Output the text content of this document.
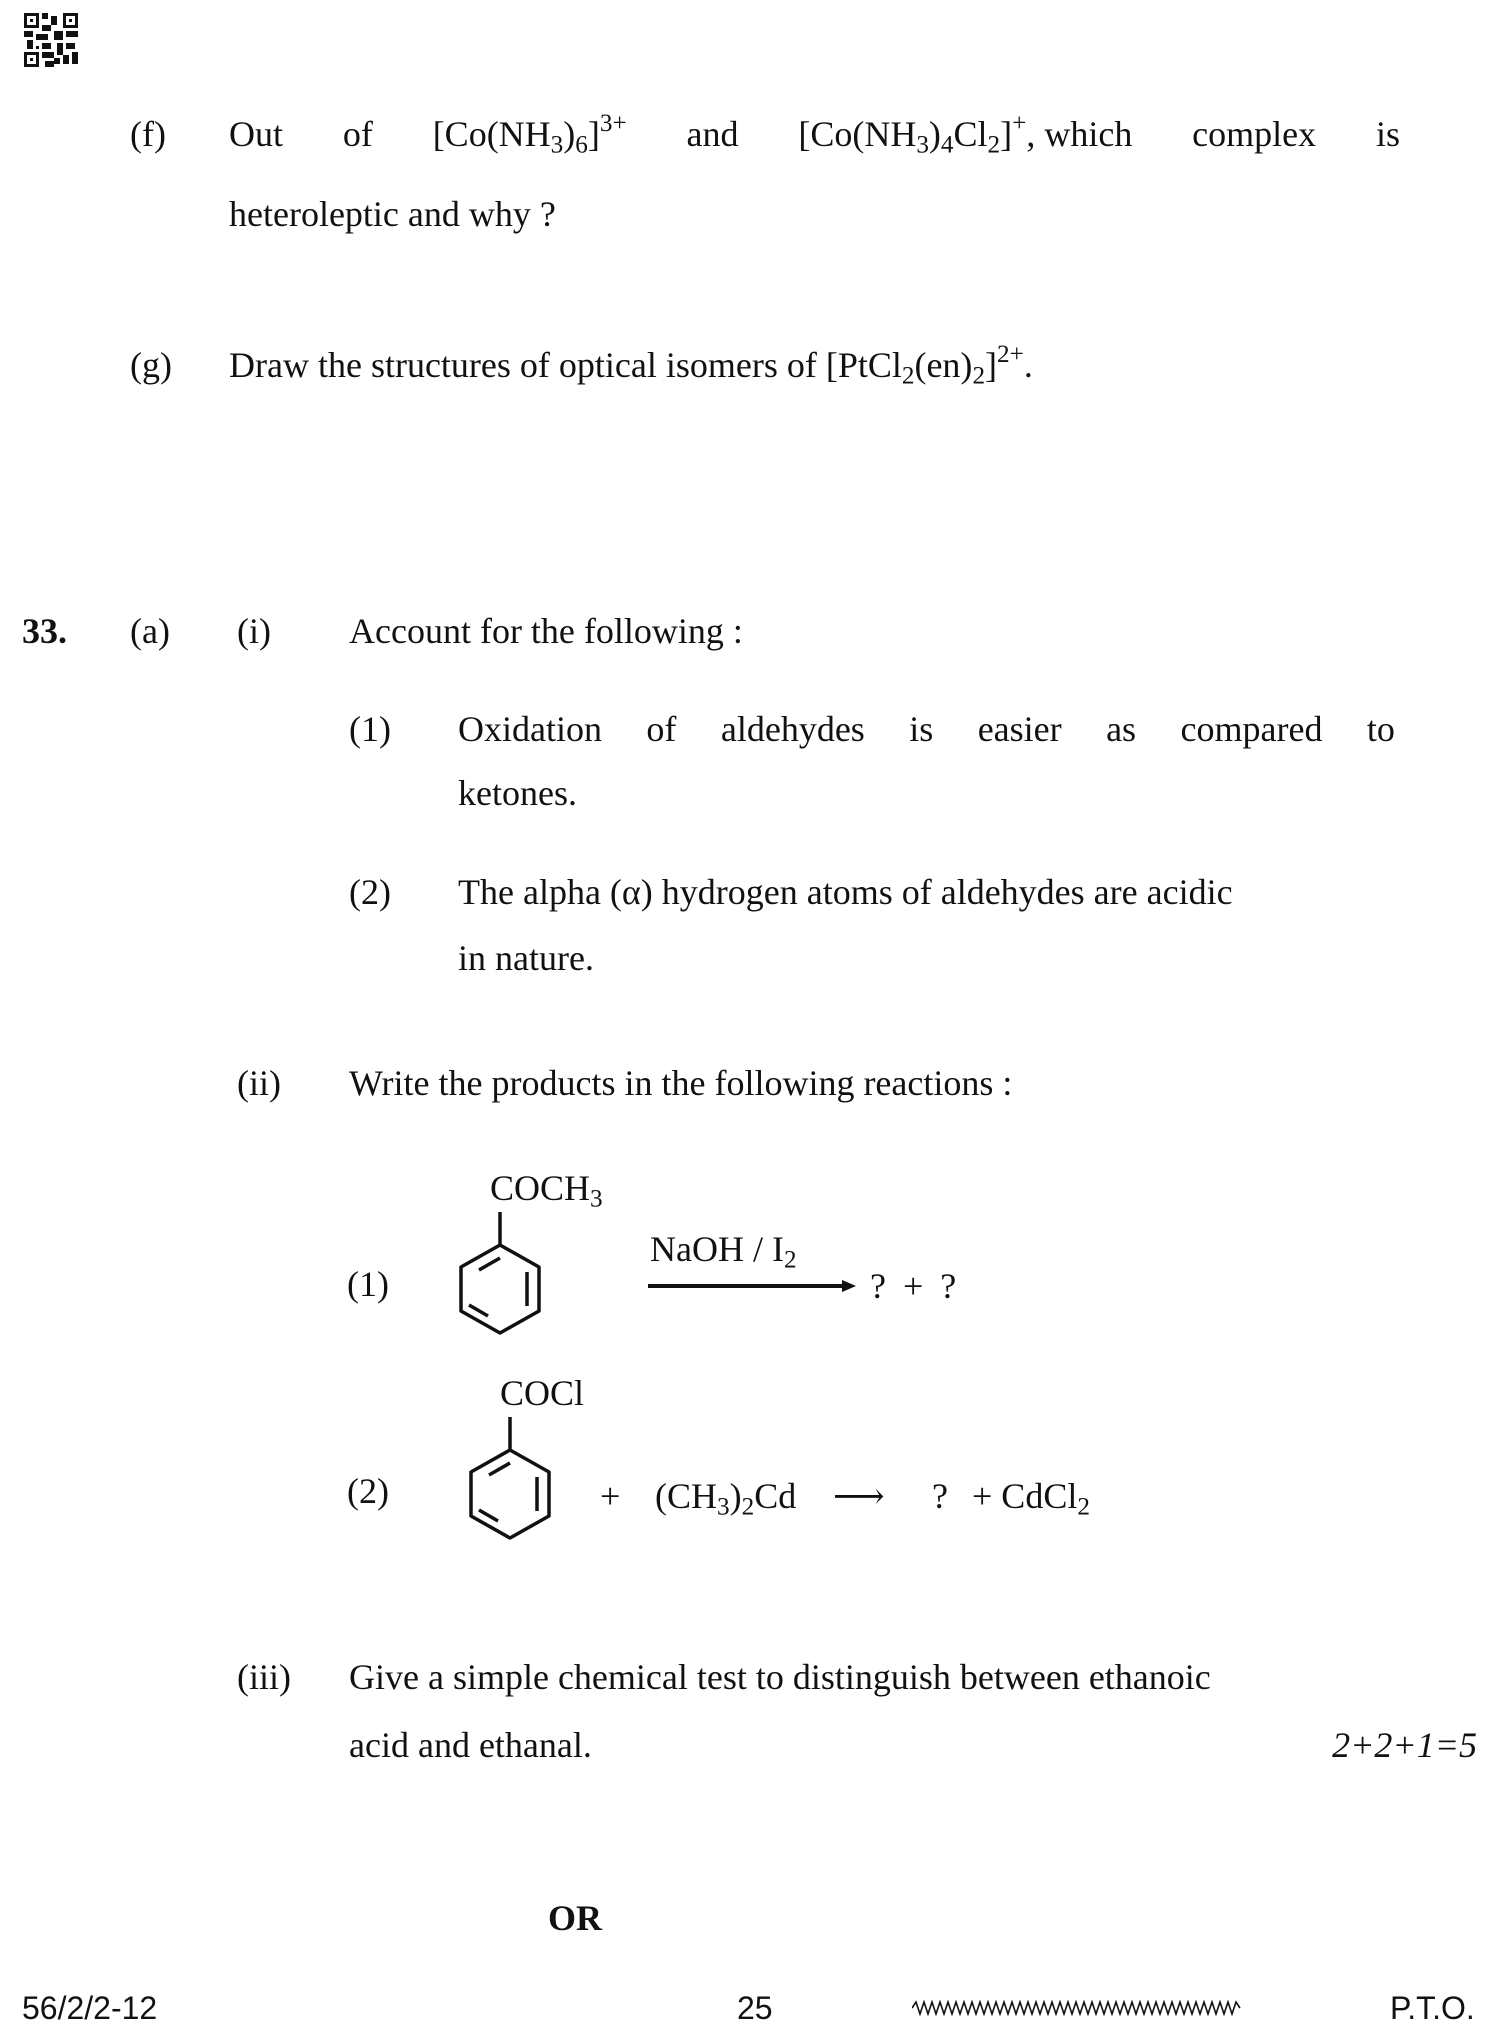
(f) Out of $[Co(NH_3)_6]^{3+}$ and $[Co(NH_3)_4Cl_2]^+$, which complex is
heteroleptic and why ?
(g) Draw the structures of optical isomers of $[PtCl_2(en)_2]^{2+}$.
33. (a) (i) Account for the following :
(1) Oxidation of aldehydes is easier as compared to
ketones.
(2) The alpha (α) hydrogen atoms of aldehydes are acidic
in nature.
(ii) Write the products in the following reactions :
(1)
$COCH_3$
NaOH / $I_2$
? + ?
(2)
COCl
+ $(CH_3)_2Cd$ ⟶ ? + CdCl$_2$
(iii) Give a simple chemical test to distinguish between ethanoic
acid and ethanal.	2+2+1=5
OR
56/2/2-12	25	P.T.O.
